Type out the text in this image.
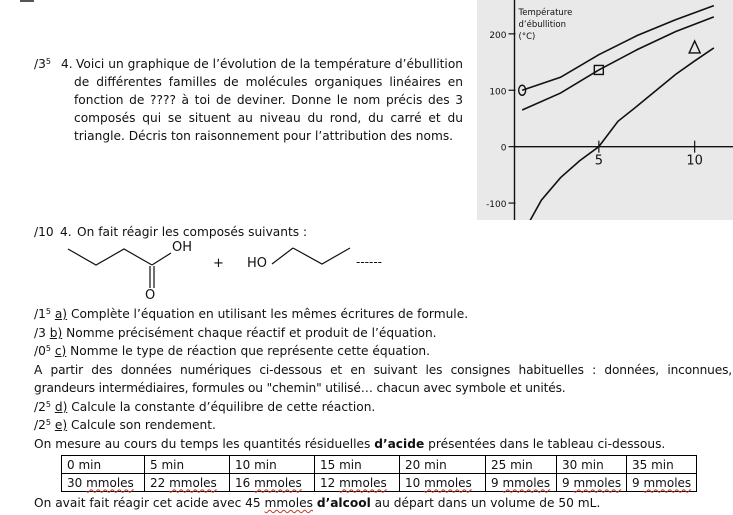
$/3^5$ 4. Voici un graphique de l’évolution de la température d’ébullition de différentes familles de molécules organiques linéaires en fonction de ???? à toi de deviner. Donne le nom précis des 3 composés qui se situent au niveau du rond, du carré et du triangle. Décris ton raisonnement pour l’attribution des noms.
200
100
0
-100
5	10
Température
d’ébullition
(°C)
/10 4. On fait réagir les composés suivants :
OH
O
+ HO	------
$/1^5$ a) Complète l’équation en utilisant les mêmes écritures de formule.
/3 b) Nomme précisément chaque réactif et produit de l’équation.
$/0^5$ c) Nomme le type de réaction que représente cette équation.
A partir des données numériques ci-dessous et en suivant les consignes habituelles : données, inconnues, grandeurs intermédiaires, formules ou "chemin" utilisé… chacun avec symbole et unités.
$/2^5$ d) Calcule la constante d’équilibre de cette réaction.
$/2^5$ e) Calcule son rendement.
On mesure au cours du temps les quantités résiduelles d’acide présentées dans le tableau ci-dessous.
0 min	5 min	10 min	15 min	20 min	25 min	30 min	35 min
30 mmoles	22 mmoles	16 mmoles	12 mmoles	10 mmoles	9 mmoles	9 mmoles	9 mmoles
On avait fait réagir cet acide avec 45 mmoles d’alcool au départ dans un volume de 50 mL.
